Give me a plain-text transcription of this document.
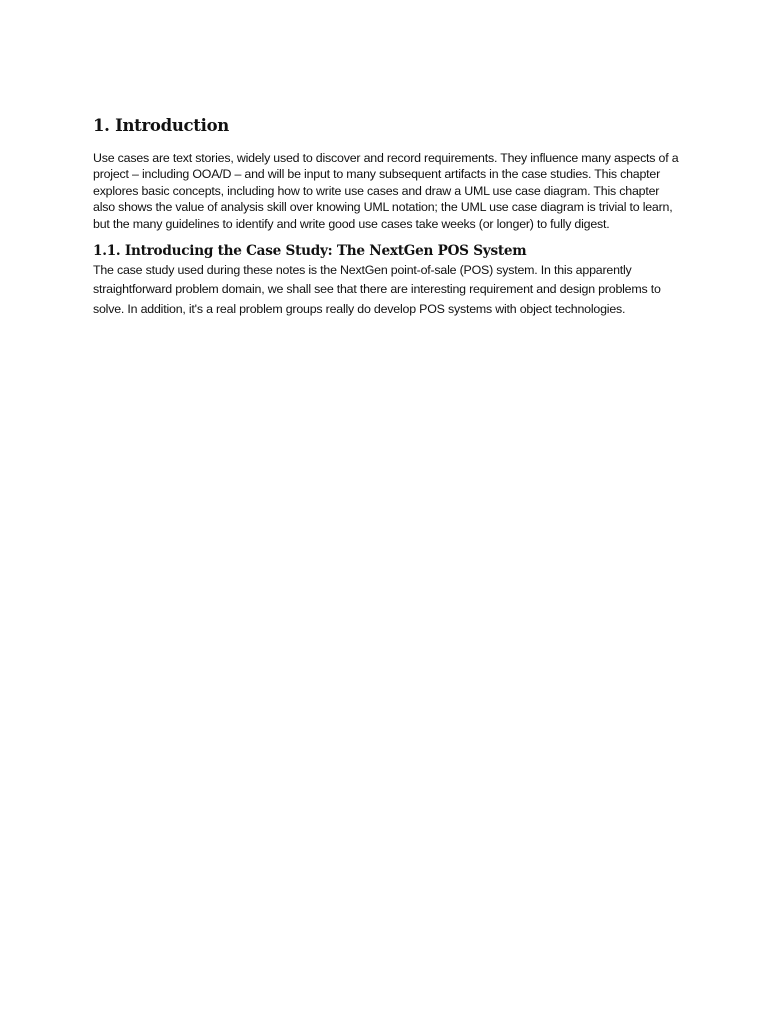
1. Introduction

Use cases are text stories, widely used to discover and record requirements. They influence many aspects of a project – including OOA/D – and will be input to many subsequent artifacts in the case studies. This chapter explores basic concepts, including how to write use cases and draw a UML use case diagram. This chapter also shows the value of analysis skill over knowing UML notation; the UML use case diagram is trivial to learn, but the many guidelines to identify and write good use cases take weeks (or longer) to fully digest.

1.1. Introducing the Case Study: The NextGen POS System

The case study used during these notes is the NextGen point-of-sale (POS) system. In this apparently straightforward problem domain, we shall see that there are interesting requirement and design problems to solve. In addition, it's a real problem groups really do develop POS systems with object technologies.
